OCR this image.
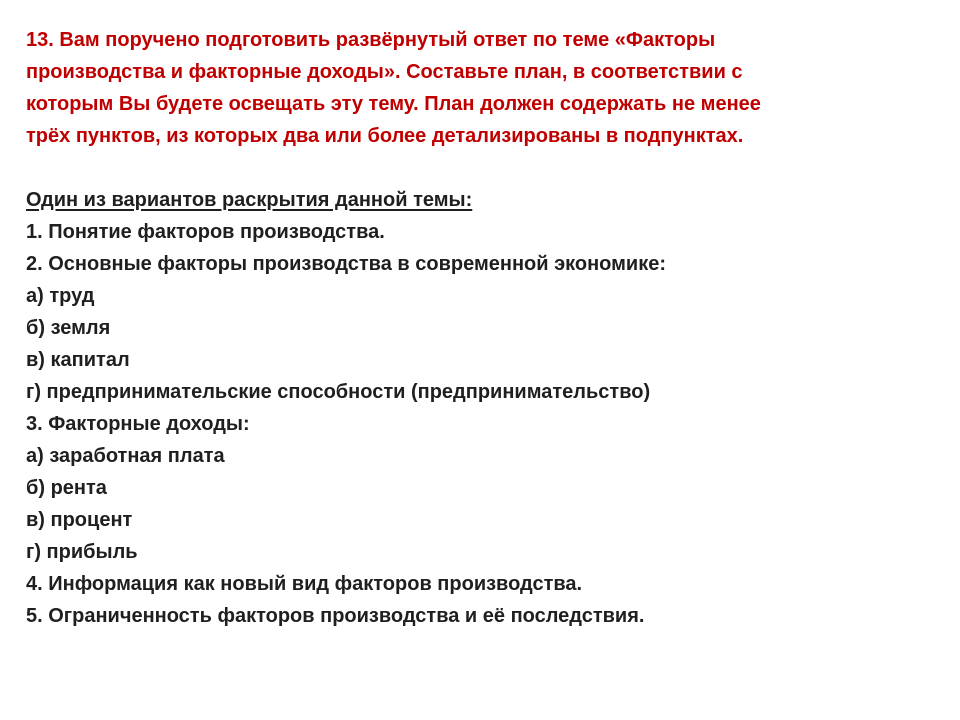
13. Вам поручено подготовить развёрнутый ответ по теме «Факторы
производства и факторные доходы». Составьте план, в соответствии с
которым Вы будете освещать эту тему. План должен содержать не менее
трёх пунктов, из которых два или более детализированы в подпунктах.
Один из вариантов раскрытия данной темы:
1. Понятие факторов производства.
2. Основные факторы производства в современной экономике:
а) труд
б) земля
в) капитал
г) предпринимательские способности (предпринимательство)
3. Факторные доходы:
а) заработная плата
б) рента
в) процент
г) прибыль
4. Информация как новый вид факторов производства.
5. Ограниченность факторов производства и её последствия.
